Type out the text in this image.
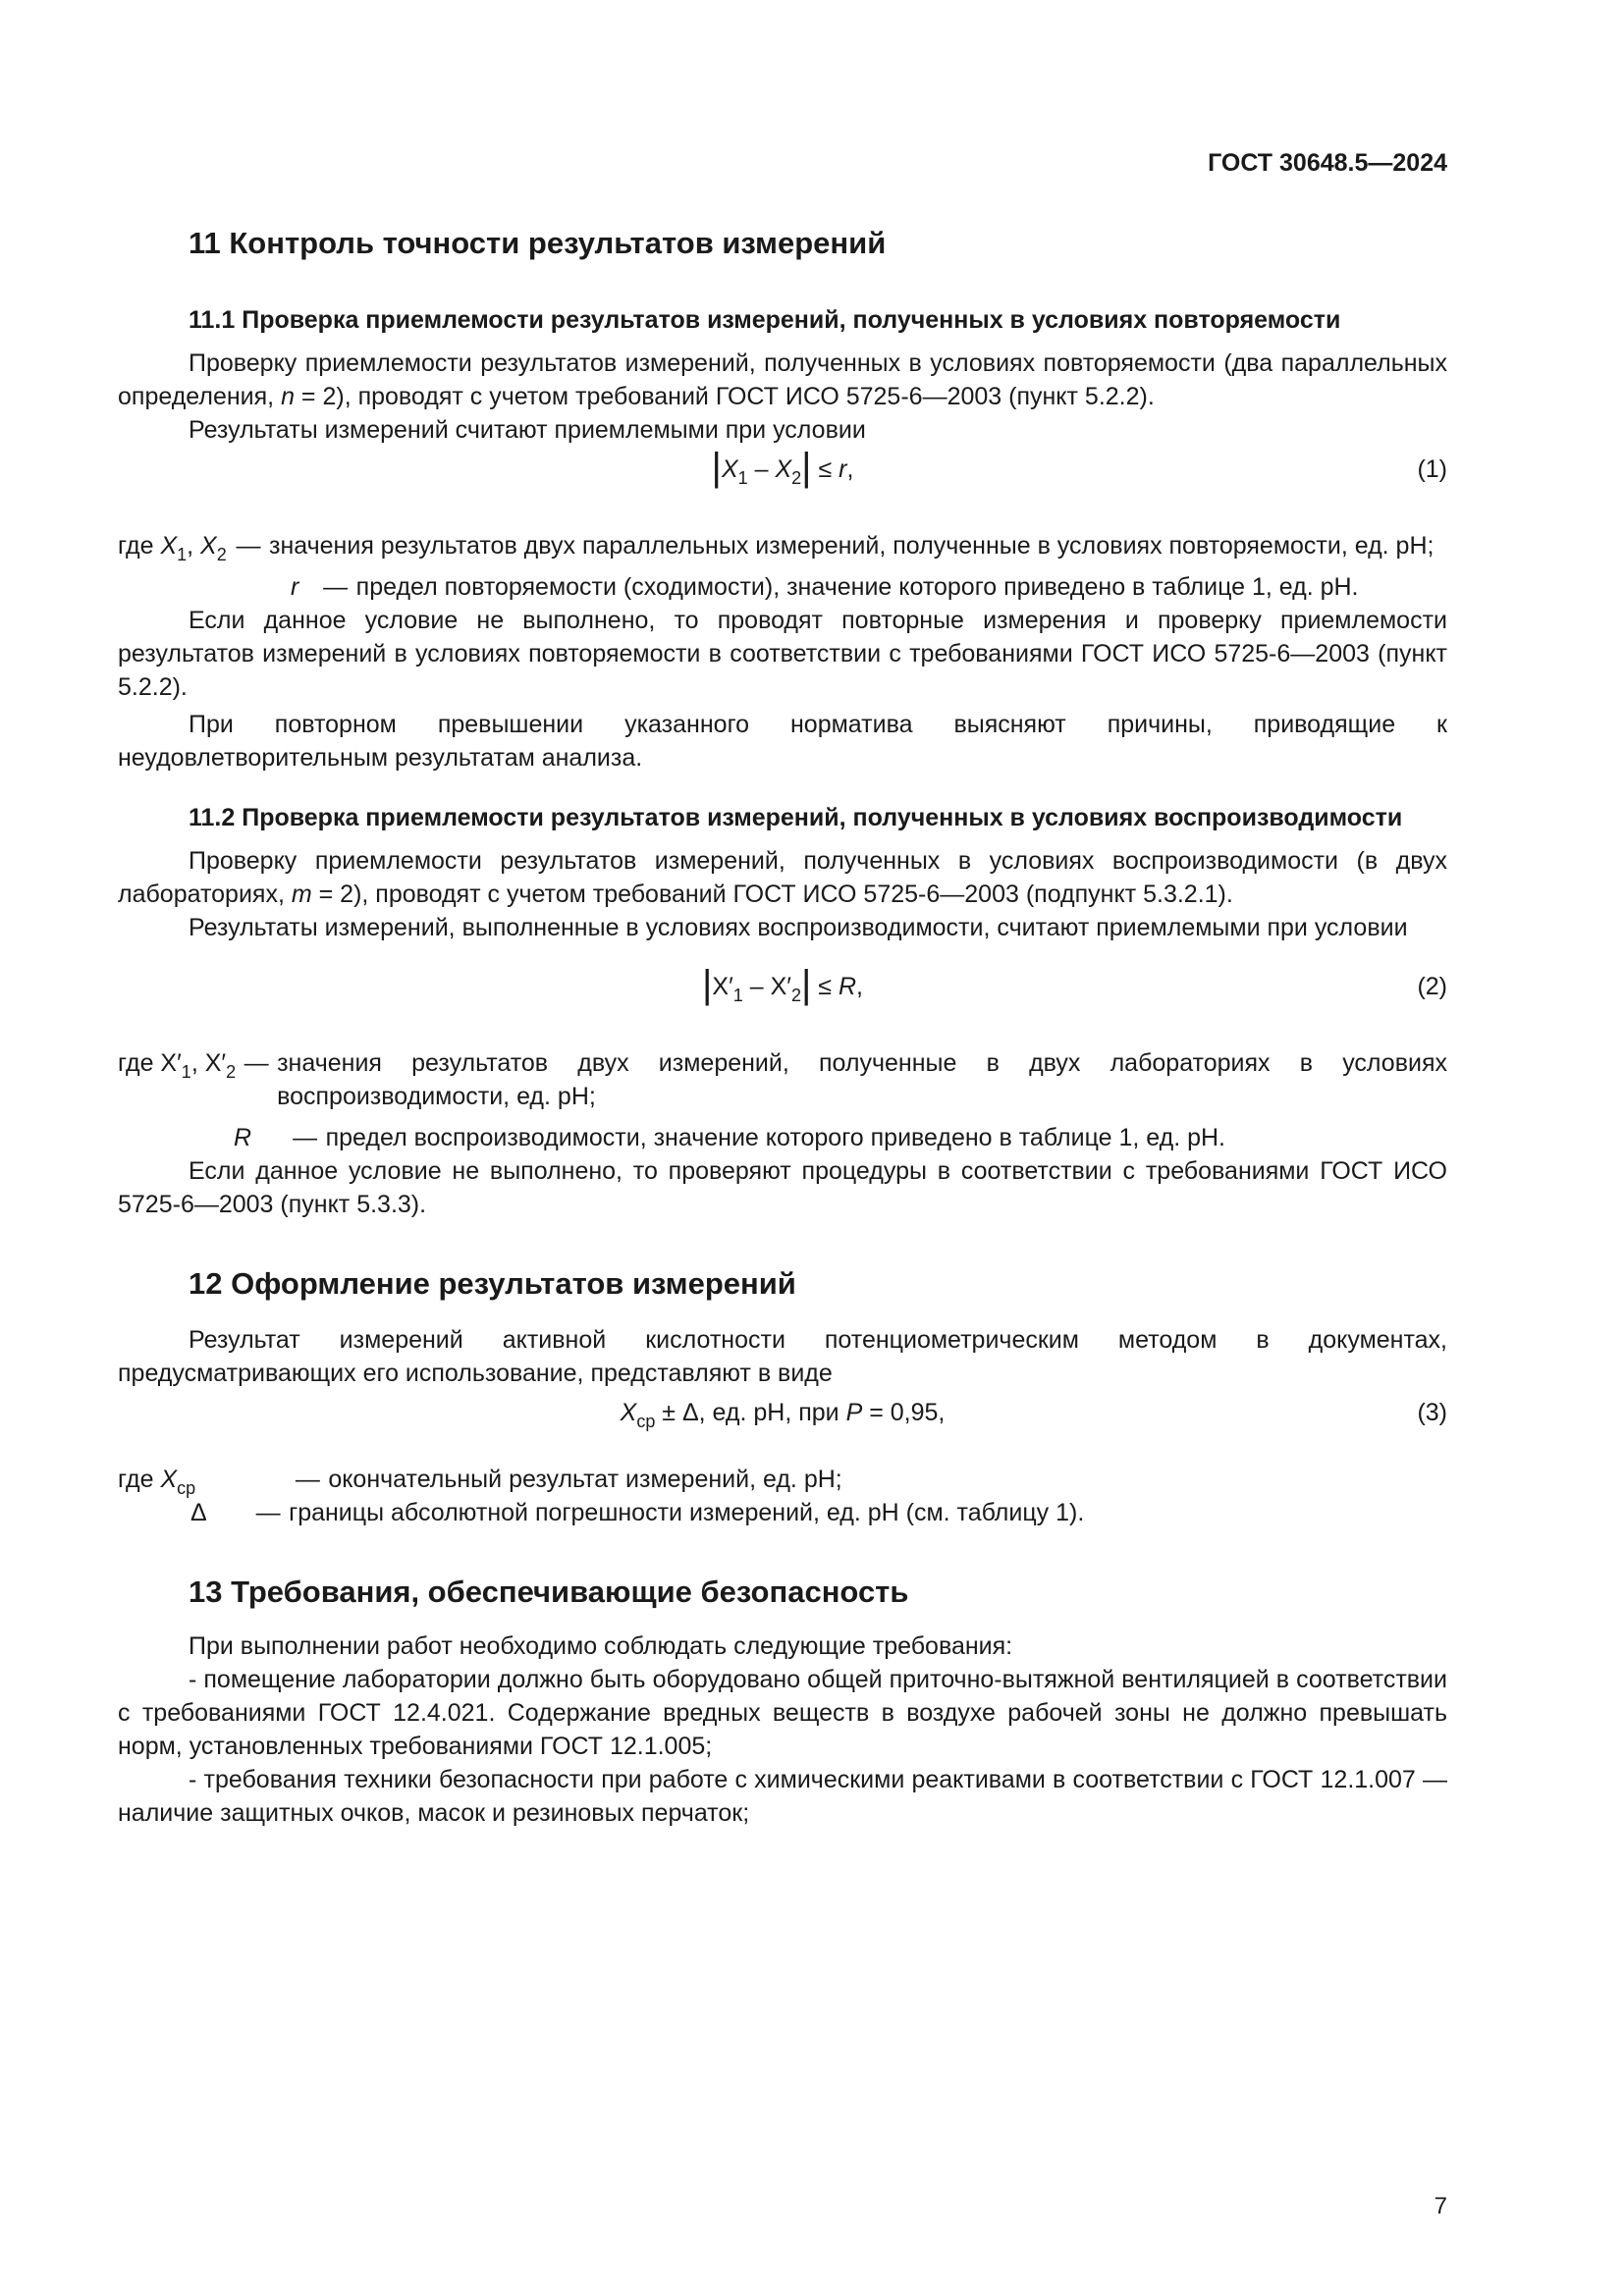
ГОСТ 30648.5—2024
11 Контроль точности результатов измерений
11.1 Проверка приемлемости результатов измерений, полученных в условиях повторяемости

Проверку приемлемости результатов измерений, полученных в условиях повторяемости (два параллельных определения, n = 2), проводят с учетом требований ГОСТ ИСО 5725-6—2003 (пункт 5.2.2).

Результаты измерений считают приемлемыми при условии

$|X_1 - X_2| \le r$,	(1)
где $X_1$, $X_2$	—	значения результатов двух параллельных измерений, полученные в условиях повторяемости, ед. pH;
r	—	предел повторяемости (сходимости), значение которого приведено в таблице 1, ед. pH.

Если данное условие не выполнено, то проводят повторные измерения и проверку приемлемости результатов измерений в условиях повторяемости в соответствии с требованиями ГОСТ ИСО 5725-6—2003 (пункт 5.2.2).

При повторном превышении указанного норматива выясняют причины, приводящие к неудовлетворительным результатам анализа.

11.2 Проверка приемлемости результатов измерений, полученных в условиях воспроизводимости

Проверку приемлемости результатов измерений, полученных в условиях воспроизводимости (в двух лабораториях, m = 2), проводят с учетом требований ГОСТ ИСО 5725-6—2003 (подпункт 5.3.2.1).

Результаты измерений, выполненные в условиях воспроизводимости, считают приемлемыми при условии

$|X'_1 - X'_2| \le R$,	(2)
где $X'_1$, $X'_2$	—	значения результатов двух измерений, полученные в двух лабораториях в условиях воспроизводимости, ед. pH;
R	—	предел воспроизводимости, значение которого приведено в таблице 1, ед. pH.

Если данное условие не выполнено, то проверяют процедуры в соответствии с требованиями ГОСТ ИСО 5725-6—2003 (пункт 5.3.3).

12 Оформление результатов измерений

Результат измерений активной кислотности потенциометрическим методом в документах, предусматривающих его использование, представляют в виде

$X_{ср} \pm \Delta$, ед. pH, при P = 0,95,	(3)
где $X_{ср}$	—	окончательный результат измерений, ед. pH;
Δ	—	границы абсолютной погрешности измерений, ед. pH (см. таблицу 1).
13 Требования, обеспечивающие безопасность

При выполнении работ необходимо соблюдать следующие требования:

- помещение лаборатории должно быть оборудовано общей приточно-вытяжной вентиляцией в соответствии с требованиями ГОСТ 12.4.021. Содержание вредных веществ в воздухе рабочей зоны не должно превышать норм, установленных требованиями ГОСТ 12.1.005;

- требования техники безопасности при работе с химическими реактивами в соответствии с ГОСТ 12.1.007 — наличие защитных очков, масок и резиновых перчаток;

7
